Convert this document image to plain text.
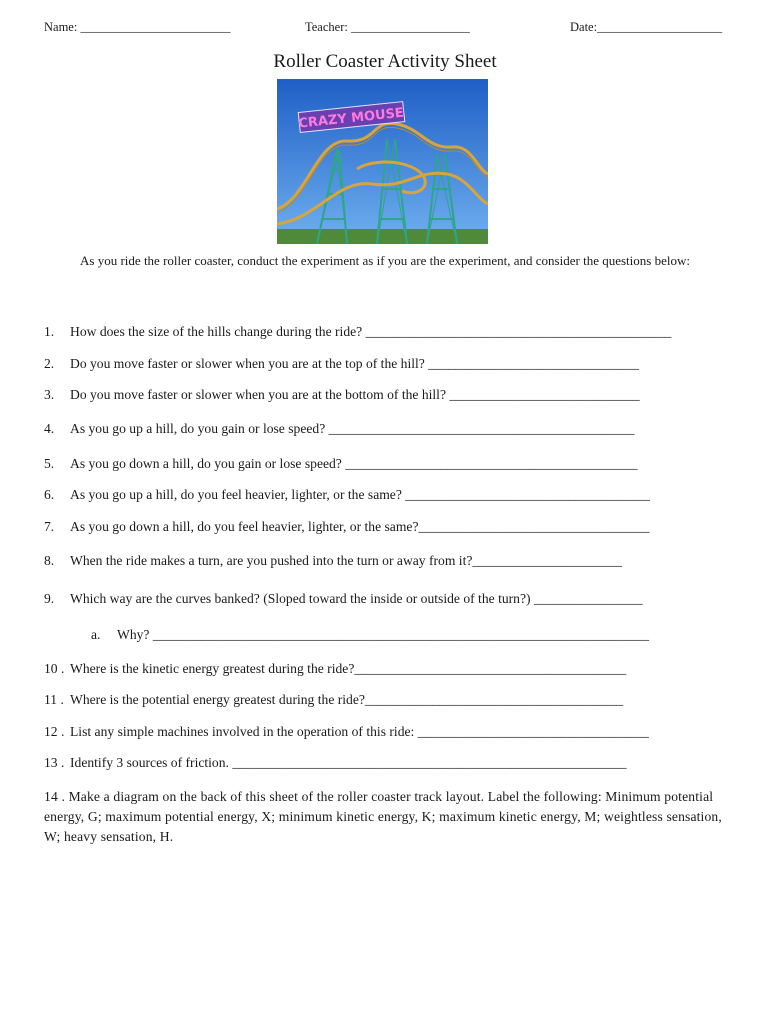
Name: ________________________	Teacher: ___________________	Date:____________________
Roller Coaster Activity Sheet
CRAZY MOUSE
As you ride the roller coaster, conduct the experiment as if you are the experiment, and consider the questions below:
1. How does the size of the hills change during the ride? _____________________________________________
2. Do you move faster or slower when you are at the top of the hill? _______________________________
3. Do you move faster or slower when you are at the bottom of the hill? ____________________________
4. As you go up a hill, do you gain or lose speed? _____________________________________________
5. As you go down a hill, do you gain or lose speed? ___________________________________________
6. As you go up a hill, do you feel heavier, lighter, or the same? ____________________________________
7. As you go down a hill, do you feel heavier, lighter, or the same?__________________________________
8. When the ride makes a turn, are you pushed into the turn or away from it?______________________
9. Which way are the curves banked? (Sloped toward the inside or outside of the turn?) ________________
a. Why? _________________________________________________________________________
10 . Where is the kinetic energy greatest during the ride?________________________________________
11 . Where is the potential energy greatest during the ride?______________________________________
12 . List any simple machines involved in the operation of this ride: __________________________________
13 . Identify 3 sources of friction. __________________________________________________________
14 . Make a diagram on the back of this sheet of the roller coaster track layout. Label the following: Minimum potential energy, G; maximum potential energy, X; minimum kinetic energy, K; maximum kinetic energy, M; weightless sensation, W; heavy sensation, H.
